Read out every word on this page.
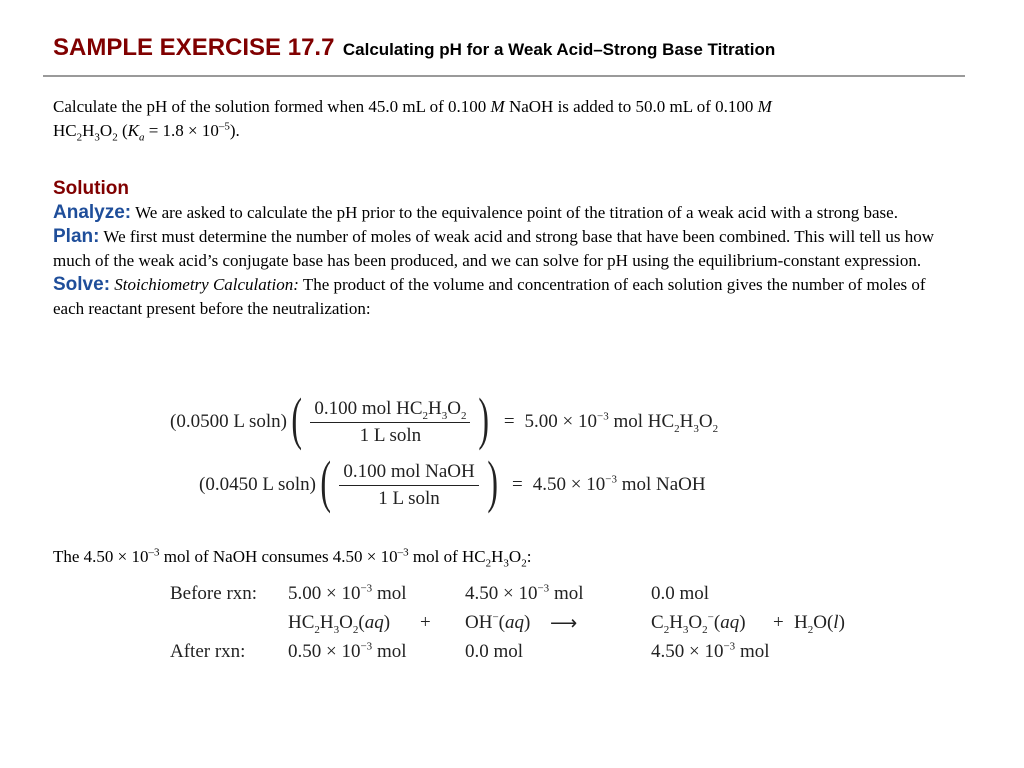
SAMPLE EXERCISE 17.7 Calculating pH for a Weak Acid–Strong Base Titration
Calculate the pH of the solution formed when 45.0 mL of 0.100 M NaOH is added to 50.0 mL of 0.100 M
$HC_2H_3O_2$ $(K_a = 1.8 \times 10^{-5})$.
Solution

Analyze: We are asked to calculate the pH prior to the equivalence point of the titration of a weak acid with a strong base.

Plan: We first must determine the number of moles of weak acid and strong base that have been combined. This will tell us how much of the weak acid’s conjugate base has been produced, and we can solve for pH using the equilibrium-constant expression.

Solve: Stoichiometry Calculation: The product of the volume and concentration of each solution gives the number of moles of each reactant present before the neutralization:

(0.0500 L soln) ( $\frac{0.100 mol HC_2H_3O_2}{\text{1 L soln}}$ ) = $5.00 \times 10^{-3}$ mol $HC_2H_3O_2$
(0.0450 L soln) ( $\frac{\text{0.100 mol NaOH}}{\text{1 L soln}}$ ) = $4.50 \times 10^{-3}$ mol NaOH
The $4.50 \times 10^{-3}$ mol of NaOH consumes $4.50 \times 10^{-3}$ mol of $HC_2H_3O_2$:
Before rxn: $5.00 \times 10^{-3}$ mol	$4.50 \times 10^{-3}$ mol	0.0 mol
$HC_2H_3O_2(aq) + OH^-(aq)$ ⟶	$C_2H_3O_2^-(aq) + H_2O(l)$
After rxn: $0.50 \times 10^{-3}$ mol	0.0 mol	$4.50 \times 10^{-3}$ mol
